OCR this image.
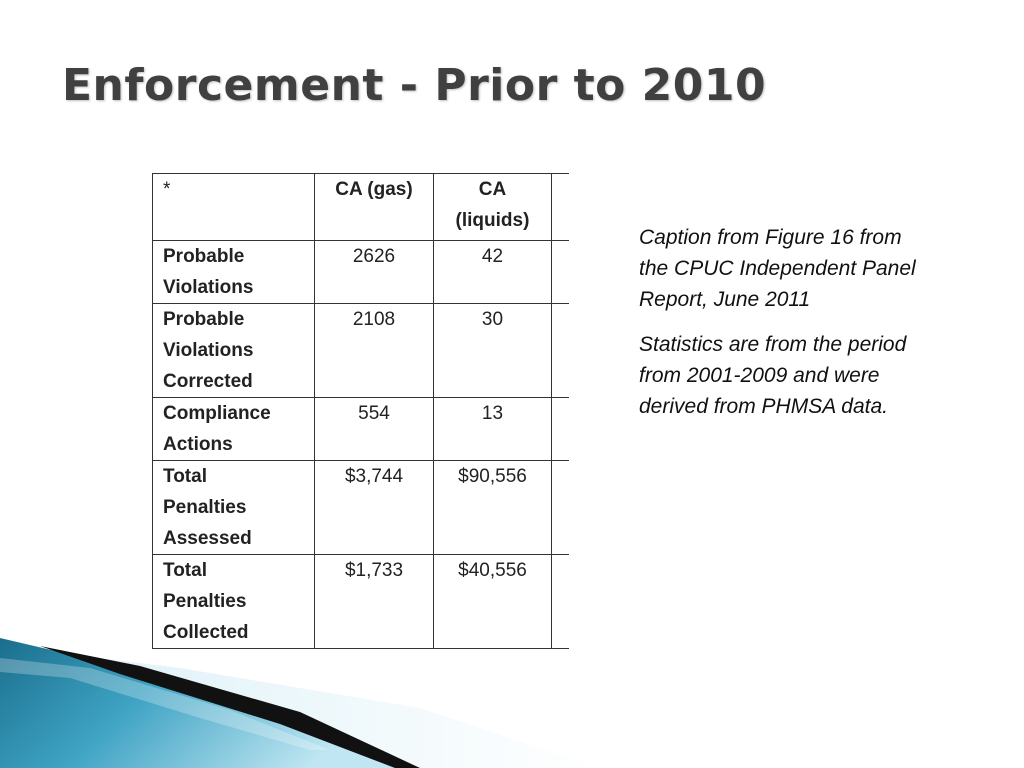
Enforcement - Prior to 2010
*	CA (gas)	CA
(liquids)	
Probable
Violations	2626	42	
Probable
Violations
Corrected	2108	30	
Compliance
Actions	554	13	
Total
Penalties
Assessed	$3,744	$90,556	
Total
Penalties
Collected	$1,733	$40,556	

Caption from Figure 16 from the CPUC Independent Panel Report, June 2011

Statistics are from the period from 2001-2009 and were derived from PHMSA data.
